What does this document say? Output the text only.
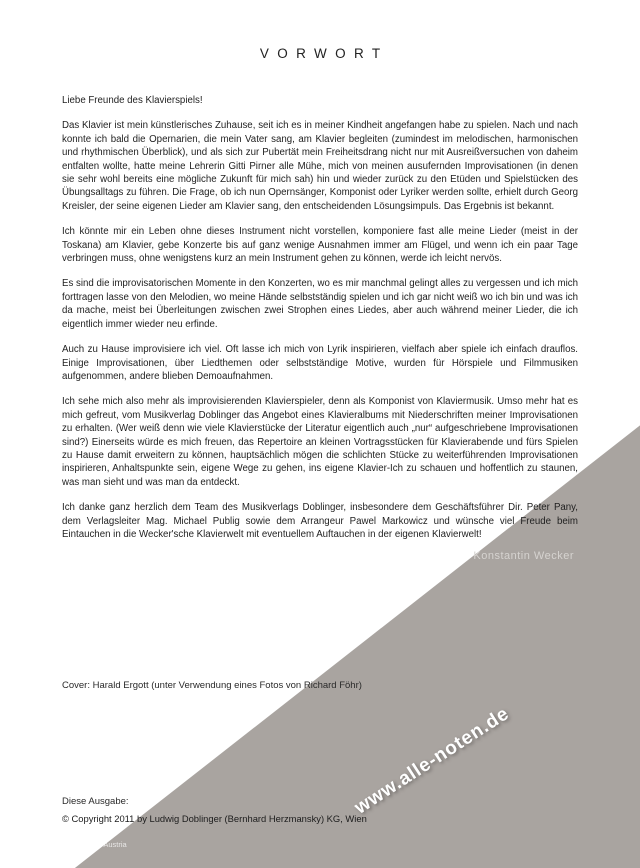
VORWORT

Liebe Freunde des Klavierspiels!

Das Klavier ist mein künstlerisches Zuhause, seit ich es in meiner Kindheit angefangen habe zu spielen. Nach und nach konnte ich bald die Opernarien, die mein Vater sang, am Klavier begleiten (zumindest im melodischen, harmonischen und rhythmischen Überblick), und als sich zur Pubertät mein Freiheitsdrang nicht nur mit Ausreißversuchen von daheim entfalten wollte, hatte meine Lehrerin Gitti Pirner alle Mühe, mich von meinen ausufernden Improvisationen (in denen sie sehr wohl bereits eine mögliche Zukunft für mich sah) hin und wieder zurück zu den Etüden und Spielstücken des Übungsalltags zu führen. Die Frage, ob ich nun Opernsänger, Komponist oder Lyriker werden sollte, erhielt durch Georg Kreisler, der seine eigenen Lieder am Klavier sang, den entscheidenden Lösungsimpuls. Das Ergebnis ist bekannt.

Ich könnte mir ein Leben ohne dieses Instrument nicht vorstellen, komponiere fast alle meine Lieder (meist in der Toskana) am Klavier, gebe Konzerte bis auf ganz wenige Ausnahmen immer am Flügel, und wenn ich ein paar Tage verbringen muss, ohne wenigstens kurz an mein Instrument gehen zu können, werde ich leicht nervös.

Es sind die improvisatorischen Momente in den Konzerten, wo es mir manchmal gelingt alles zu vergessen und ich mich forttragen lasse von den Melodien, wo meine Hände selbstständig spielen und ich gar nicht weiß wo ich bin und was ich da mache, meist bei Überleitungen zwischen zwei Strophen eines Liedes, aber auch während meiner Lieder, die ich eigentlich immer wieder neu erfinde.

Auch zu Hause improvisiere ich viel. Oft lasse ich mich von Lyrik inspirieren, vielfach aber spiele ich einfach drauflos. Einige Improvisationen, über Liedthemen oder selbstständige Motive, wurden für Hörspiele und Filmmusiken aufgenommen, andere blieben Demoaufnahmen.

Ich sehe mich also mehr als improvisierenden Klavierspieler, denn als Komponist von Klaviermusik. Umso mehr hat es mich gefreut, vom Musikverlag Doblinger das Angebot eines Klavieralbums mit Niederschriften meiner Improvisationen zu erhalten. (Wer weiß denn wie viele Klavierstücke der Literatur eigentlich auch „nur“ aufgeschriebene Improvisationen sind?) Einerseits würde es mich freuen, das Repertoire an kleinen Vortragsstücken für Klavierabende und fürs Spielen zu Hause damit erweitern zu können, hauptsächlich mögen die schlichten Stücke zu weiterführenden Improvisationen inspirieren, Anhaltspunkte sein, eigene Wege zu gehen, ins eigene Klavier-Ich zu schauen und hoffentlich zu staunen, was man sieht und was man da entdeckt.

Ich danke ganz herzlich dem Team des Musikverlags Doblinger, insbesondere dem Geschäftsführer Dir. Peter Pany, dem Verlagsleiter Mag. Michael Publig sowie dem Arrangeur Pawel Markowicz und wünsche viel Freude beim Eintauchen in die Wecker'sche Klavierwelt mit eventuellem Auftauchen in der eigenen Klavierwelt!

Konstantin Wecker
Cover: Harald Ergott (unter Verwendung eines Fotos von Richard Föhr)
Diese Ausgabe:
© Copyright 2011 by Ludwig Doblinger (Bernhard Herzmansky) KG, Wien
Printed in Austria
www.alle-noten.de
